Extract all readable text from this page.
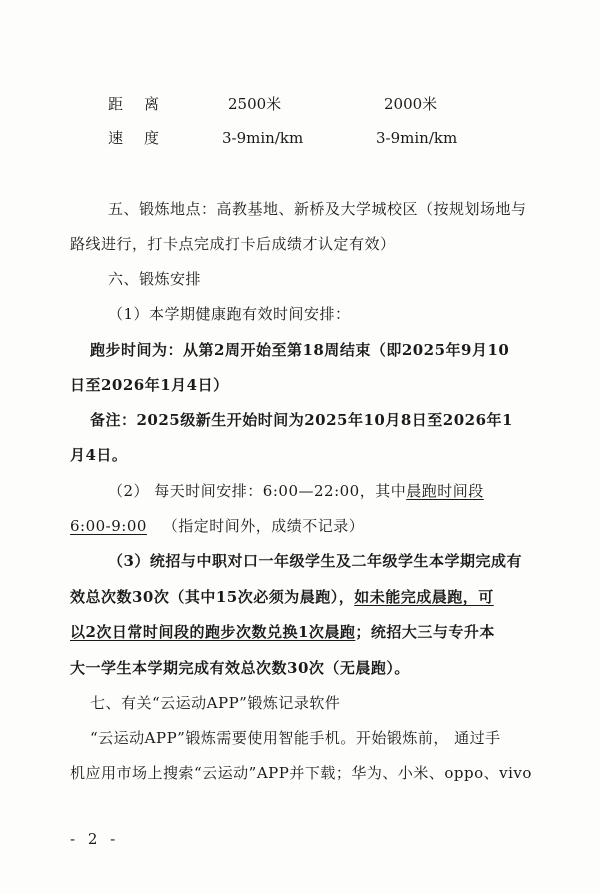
距　离	2500米	2000米
速　度	3-9min/km	3-9min/km
五、锻炼地点：高教基地、新桥及大学城校区（按规划场地与
路线进行，打卡点完成打卡后成绩才认定有效）
六、锻炼安排
（1）本学期健康跑有效时间安排：
跑步时间为：从第2周开始至第18周结束（即2025年9月10
日至2026年1月4日）
备注：2025级新生开始时间为2025年10月8日至2026年1
月4日。
（2） 每天时间安排：6:00—22:00，其中晨跑时间段
6:00-9:00 （指定时间外，成绩不记录）
（3）统招与中职对口一年级学生及二年级学生本学期完成有
效总次数30次（其中15次必须为晨跑），如未能完成晨跑，可
以2次日常时间段的跑步次数兑换1次晨跑；统招大三与专升本
大一学生本学期完成有效总次数30次（无晨跑）。
七、有关“云运动APP”锻炼记录软件
“云运动APP”锻炼需要使用智能手机。开始锻炼前， 通过手
机应用市场上搜索“云运动”APP并下载；华为、小米、oppo、vivo
- 2 -
